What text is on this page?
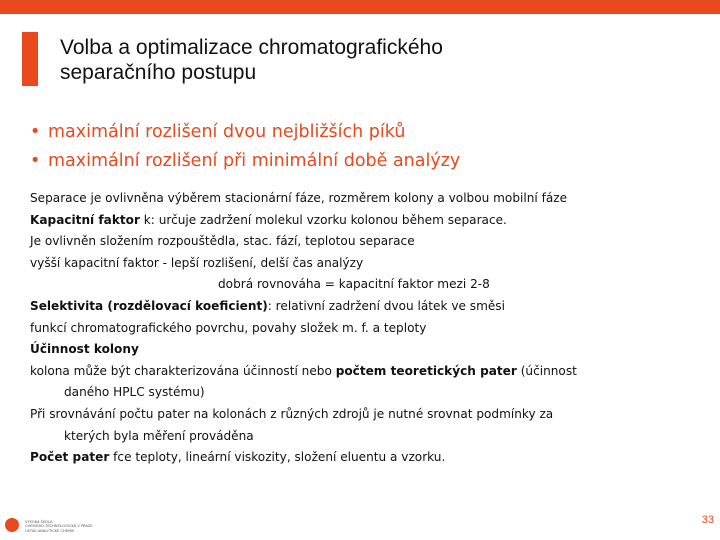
Volba a optimalizace chromatografického
separačního postupu
• maximální rozlišení dvou nejbližších píků
• maximální rozlišení při minimální době analýzy
Separace je ovlivněna výběrem stacionární fáze, rozměrem kolony a volbou mobilní fáze
Kapacitní faktor k: určuje zadržení molekul vzorku kolonou během separace.
Je ovlivněn složením rozpouštědla, stac. fází, teplotou separace
vyšší kapacitní faktor - lepší rozlišení, delší čas analýzy
dobrá rovnováha = kapacitní faktor mezi 2-8
Selektivita (rozdělovací koeficient): relativní zadržení dvou látek ve směsi
funkcí chromatografického povrchu, povahy složek m. f. a teploty
Účinnost kolony
kolona může být charakterizována účinností nebo počtem teoretických pater (účinnost
daného HPLC systému)
Při srovnávání počtu pater na kolonách z různých zdrojů je nutné srovnat podmínky za
kterých byla měření prováděna
Počet pater fce teploty, lineární viskozity, složení eluentu a vzorku.
VYSOKÁ ŠKOLA
CHEMICKO-TECHNOLOGICKÁ V PRAZE
ÚSTAV ANALYTICKÉ CHEMIE
33
